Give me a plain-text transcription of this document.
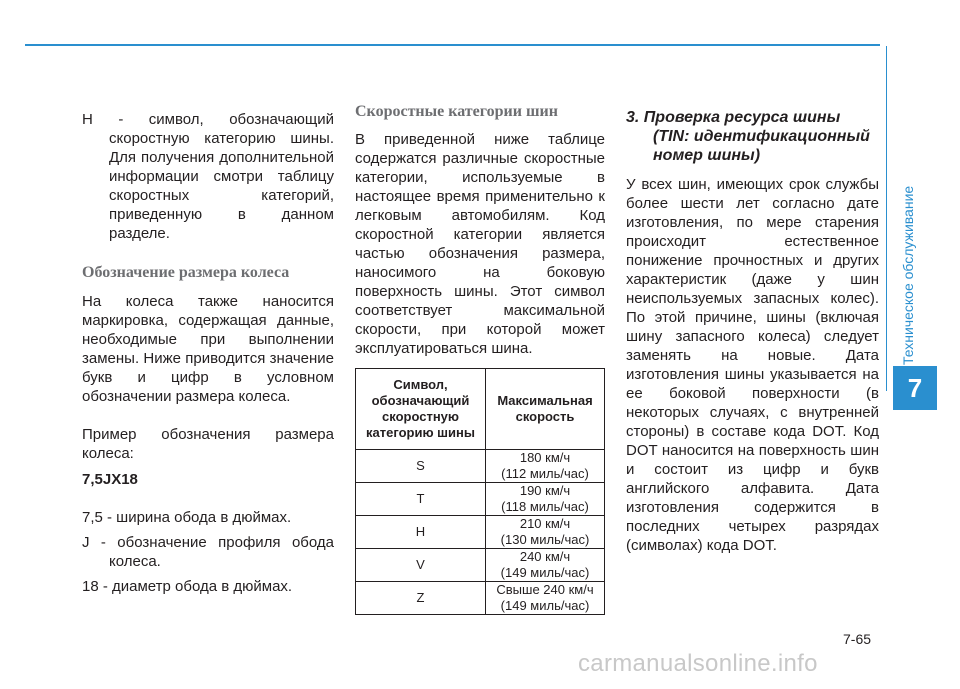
Техническое обслуживание
7

H - символ, обозначающий скоростную категорию шины. Для получения дополнительной информации смотри таблицу скоростных категорий, приведенную в данном разделе.

Обозначение размера колеса

На колеса также наносится маркировка, содержащая данные, необходимые при выполнении замены. Ниже приводится значение букв и цифр в условном обозначении размера колеса.

Пример обозначения размера колеса:

7,5JX18

7,5 - ширина обода в дюймах.

J - обозначение профиля обода колеса.

18 - диаметр обода в дюймах.

Скоростные категории шин

В приведенной ниже таблице содержатся различные скоростные категории, используемые в настоящее время применительно к легковым автомобилям. Код скоростной категории является частью обозначения размера, наносимого на боковую поверхность шины. Этот символ соответствует максимальной скорости, при которой может эксплуатироваться шина.

Символ, обозначающий скоростную категорию шины	Максимальная скорость
S	180 км/ч
(112 миль/час)
T	190 км/ч
(118 миль/час)
H	210 км/ч
(130 миль/час)
V	240 км/ч
(149 миль/час)
Z	Свыше 240 км/ч
(149 миль/час)

3. Проверка ресурса шины (TIN: идентификационный номер шины)

У всех шин, имеющих срок службы более шести лет согласно дате изготовления, по мере старения происходит естественное понижение прочностных и других характеристик (даже у шин неиспользуемых запасных колес). По этой причине, шины (включая шину запасного колеса) следует заменять на новые. Дата изготовления шины указывается на ее боковой поверхности (в некоторых случаях, с внутренней стороны) в составе кода DOT. Код DOT наносится на поверхность шин и состоит из цифр и букв английского алфавита. Дата изготовления содержится в последних четырех разрядах (символах) кода DOT.

7-65
carmanualsonline.info
